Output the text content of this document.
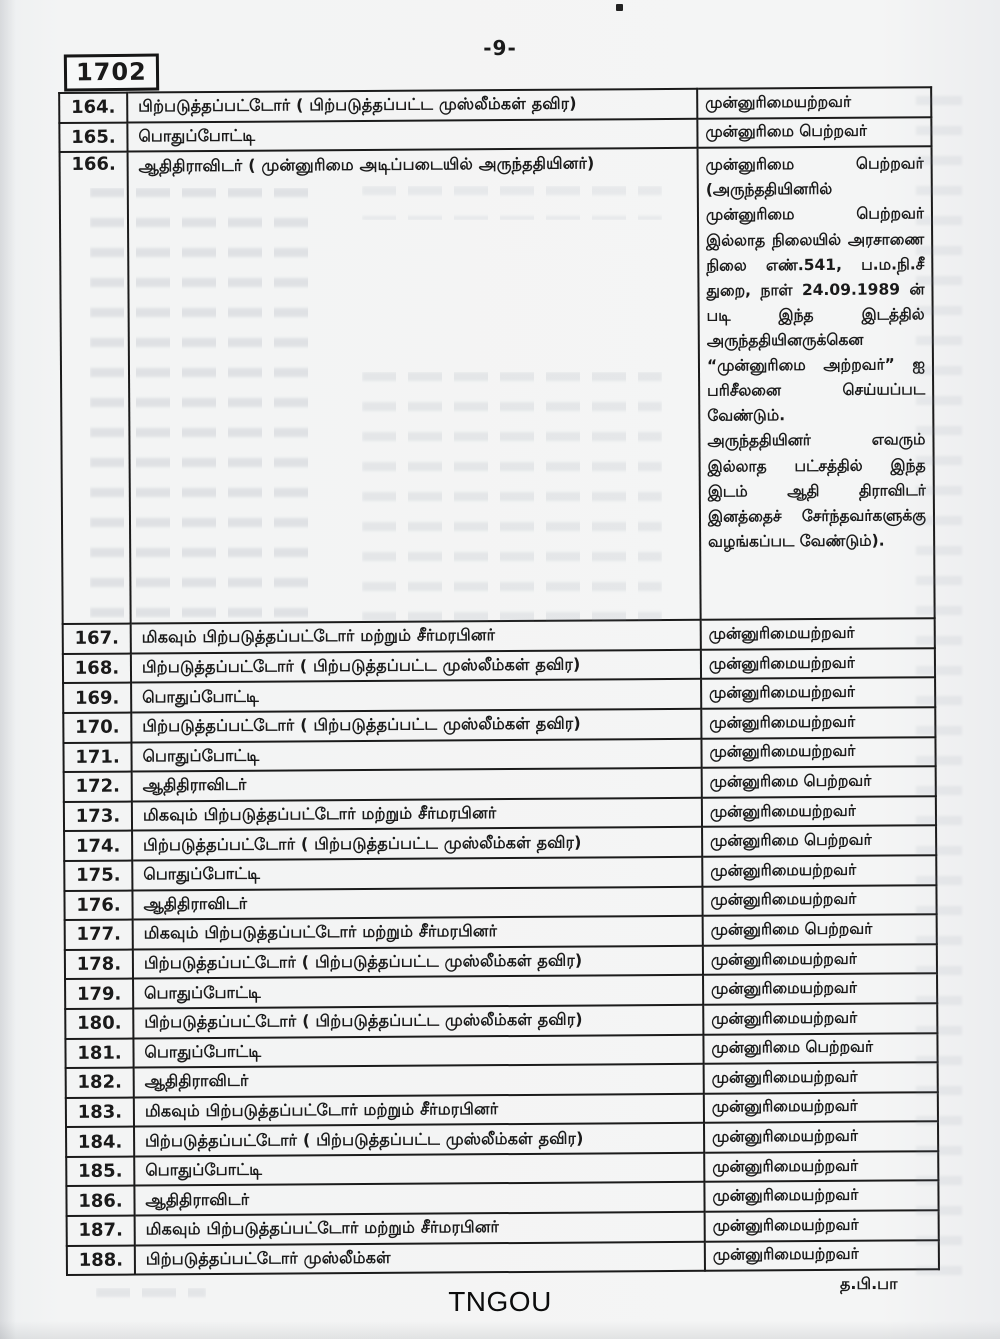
-9-
1702
164.	பிற்படுத்தப்பட்டோர் ( பிற்படுத்தப்பட்ட முஸ்லீம்கள் தவிர)	முன்னுரிமையற்றவர்
165.	பொதுப்போட்டி	முன்னுரிமை பெற்றவர்
166.	ஆதிதிராவிடர் ( முன்னுரிமை அடிப்படையில் அருந்ததியினர்)	முன்னுரிமை பெற்றவர் (அருந்ததியினரில் முன்னுரிமை பெற்றவர் இல்லாத நிலையில் அரசாணை நிலை எண்.541, ப.ம.நி.சீ துறை, நாள் 24.09.1989 ன் படி இந்த இடத்தில் அருந்ததியினருக்கென “முன்னுரிமை அற்றவர்” ஐ பரிசீலனை செய்யப்பட வேண்டும்.
அருந்ததியினர் எவரும் இல்லாத பட்சத்தில் இந்த இடம் ஆதி திராவிடர் இனத்தைச் சேர்ந்தவர்களுக்கு வழங்கப்பட வேண்டும்).
167.	மிகவும் பிற்படுத்தப்பட்டோர் மற்றும் சீர்மரபினர்	முன்னுரிமையற்றவர்
168.	பிற்படுத்தப்பட்டோர் ( பிற்படுத்தப்பட்ட முஸ்லீம்கள் தவிர)	முன்னுரிமையற்றவர்
169.	பொதுப்போட்டி	முன்னுரிமையற்றவர்
170.	பிற்படுத்தப்பட்டோர் ( பிற்படுத்தப்பட்ட முஸ்லீம்கள் தவிர)	முன்னுரிமையற்றவர்
171.	பொதுப்போட்டி	முன்னுரிமையற்றவர்
172.	ஆதிதிராவிடர்	முன்னுரிமை பெற்றவர்
173.	மிகவும் பிற்படுத்தப்பட்டோர் மற்றும் சீர்மரபினர்	முன்னுரிமையற்றவர்
174.	பிற்படுத்தப்பட்டோர் ( பிற்படுத்தப்பட்ட முஸ்லீம்கள் தவிர)	முன்னுரிமை பெற்றவர்
175.	பொதுப்போட்டி	முன்னுரிமையற்றவர்
176.	ஆதிதிராவிடர்	முன்னுரிமையற்றவர்
177.	மிகவும் பிற்படுத்தப்பட்டோர் மற்றும் சீர்மரபினர்	முன்னுரிமை பெற்றவர்
178.	பிற்படுத்தப்பட்டோர் ( பிற்படுத்தப்பட்ட முஸ்லீம்கள் தவிர)	முன்னுரிமையற்றவர்
179.	பொதுப்போட்டி	முன்னுரிமையற்றவர்
180.	பிற்படுத்தப்பட்டோர் ( பிற்படுத்தப்பட்ட முஸ்லீம்கள் தவிர)	முன்னுரிமையற்றவர்
181.	பொதுப்போட்டி	முன்னுரிமை பெற்றவர்
182.	ஆதிதிராவிடர்	முன்னுரிமையற்றவர்
183.	மிகவும் பிற்படுத்தப்பட்டோர் மற்றும் சீர்மரபினர்	முன்னுரிமையற்றவர்
184.	பிற்படுத்தப்பட்டோர் ( பிற்படுத்தப்பட்ட முஸ்லீம்கள் தவிர)	முன்னுரிமையற்றவர்
185.	பொதுப்போட்டி	முன்னுரிமையற்றவர்
186.	ஆதிதிராவிடர்	முன்னுரிமையற்றவர்
187.	மிகவும் பிற்படுத்தப்பட்டோர் மற்றும் சீர்மரபினர்	முன்னுரிமையற்றவர்
188.	பிற்படுத்தப்பட்டோர் முஸ்லீம்கள்	முன்னுரிமையற்றவர்
த.பி.பா
TNGOU
